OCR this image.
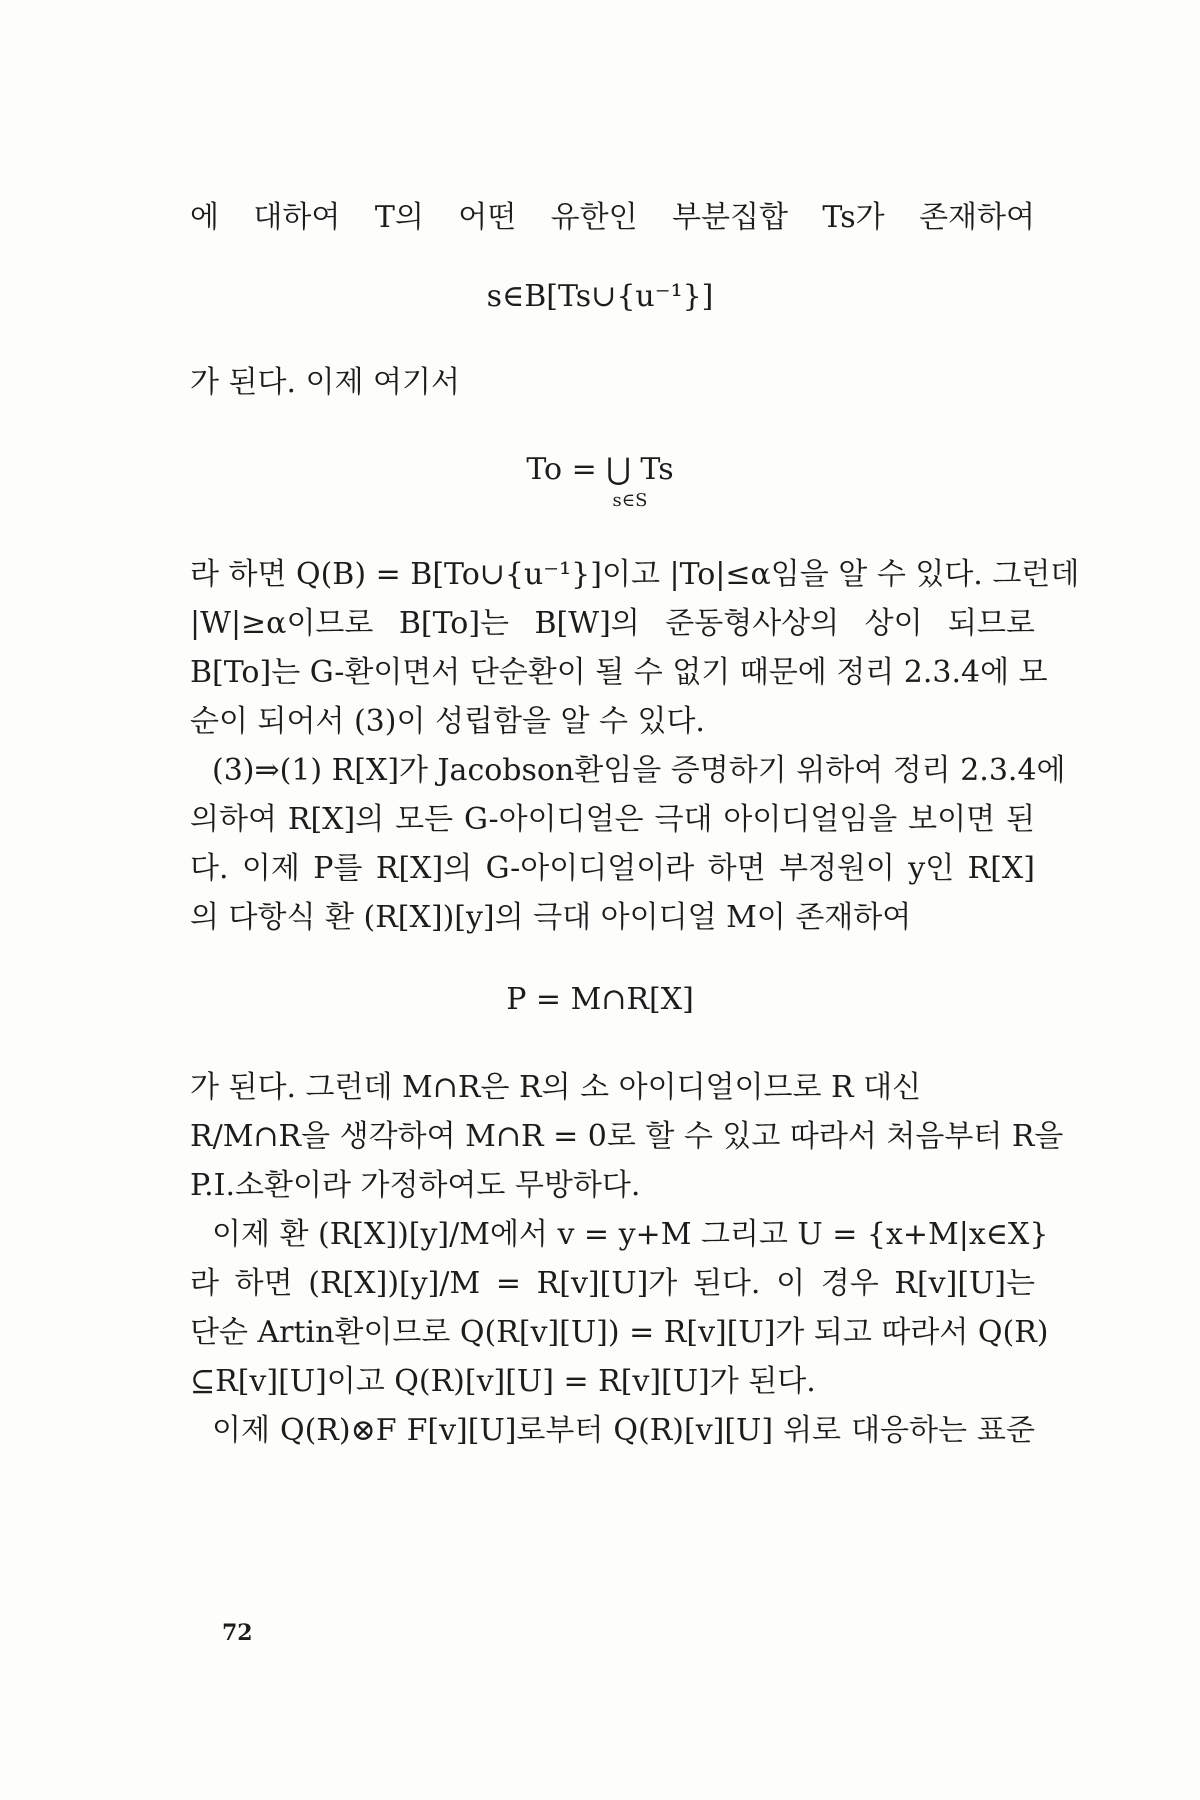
에 대하여 T의 어떤 유한인 부분집합 Ts가 존재하여
s∈B[Ts∪{u⁻¹}]
가 된다. 이제 여기서
To = ⋃ Ts
s∈S
라 하면 Q(B) = B[To∪{u⁻¹}]이고 |To|≤α임을 알 수 있다. 그런데
|W|≥α이므로 B[To]는 B[W]의 준동형사상의 상이 되므로
B[To]는 G-환이면서 단순환이 될 수 없기 때문에 정리 2.3.4에 모
순이 되어서 (3)이 성립함을 알 수 있다.
(3)⇒(1) R[X]가 Jacobson환임을 증명하기 위하여 정리 2.3.4에
의하여 R[X]의 모든 G-아이디얼은 극대 아이디얼임을 보이면 된
다. 이제 P를 R[X]의 G-아이디얼이라 하면 부정원이 y인 R[X]
의 다항식 환 (R[X])[y]의 극대 아이디얼 M이 존재하여
P = M∩R[X]
가 된다. 그런데 M∩R은 R의 소 아이디얼이므로 R 대신
R/M∩R을 생각하여 M∩R = 0로 할 수 있고 따라서 처음부터 R을
P.I.소환이라 가정하여도 무방하다.
이제 환 (R[X])[y]/M에서 v = y+M 그리고 U = {x+M|x∈X}
라 하면 (R[X])[y]/M = R[v][U]가 된다. 이 경우 R[v][U]는
단순 Artin환이므로 Q(R[v][U]) = R[v][U]가 되고 따라서 Q(R)
⊆R[v][U]이고 Q(R)[v][U] = R[v][U]가 된다.
이제 Q(R)⊗F F[v][U]로부터 Q(R)[v][U] 위로 대응하는 표준
72
